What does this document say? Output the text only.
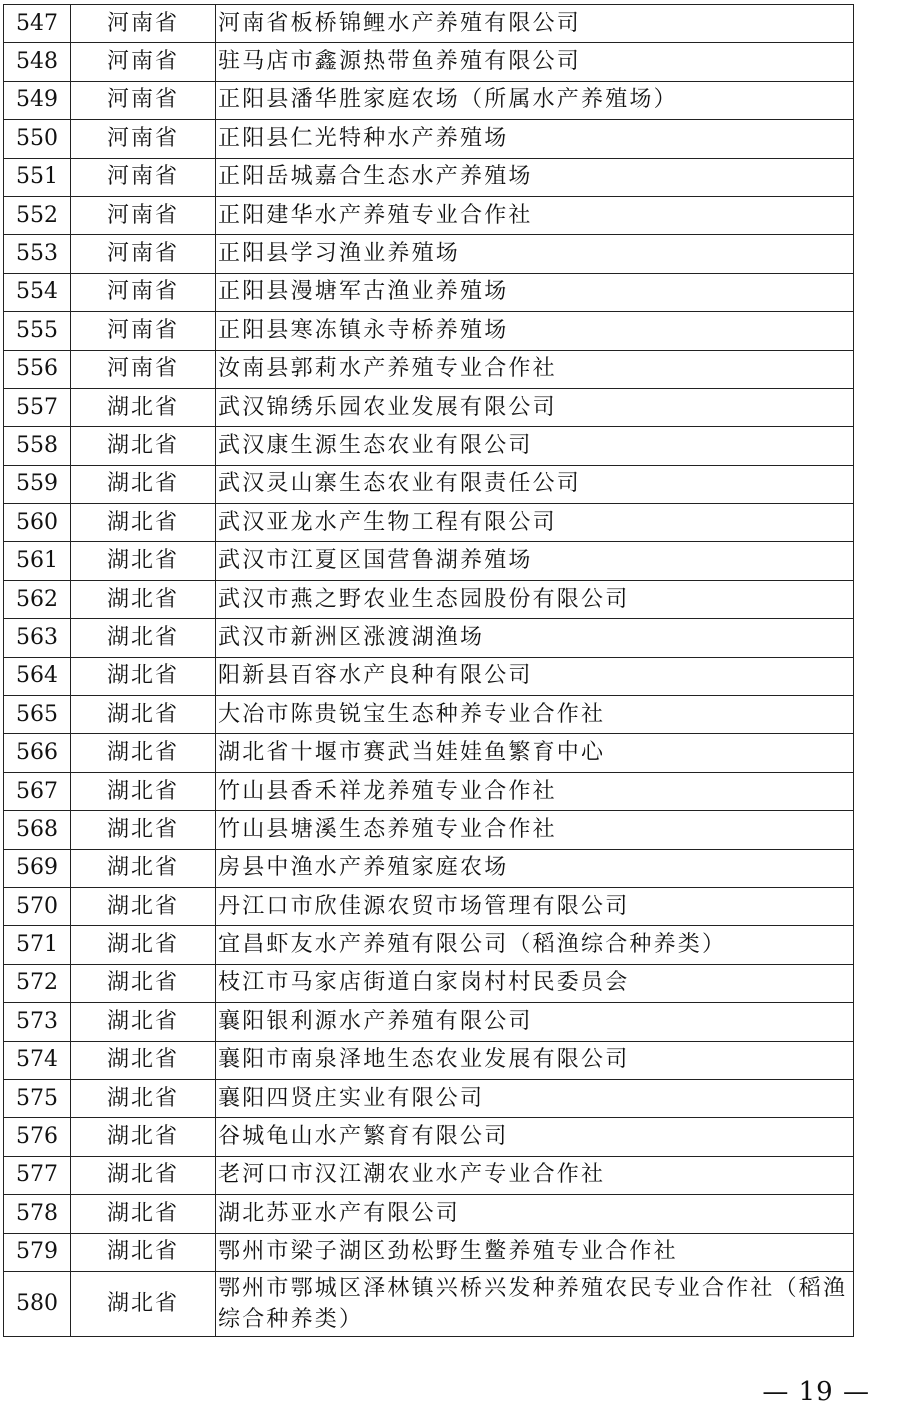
547	河南省	河南省板桥锦鲤水产养殖有限公司
548	河南省	驻马店市鑫源热带鱼养殖有限公司
549	河南省	正阳县潘华胜家庭农场（所属水产养殖场）
550	河南省	正阳县仁光特种水产养殖场
551	河南省	正阳岳城嘉合生态水产养殖场
552	河南省	正阳建华水产养殖专业合作社
553	河南省	正阳县学习渔业养殖场
554	河南省	正阳县漫塘军古渔业养殖场
555	河南省	正阳县寒冻镇永寺桥养殖场
556	河南省	汝南县郭莉水产养殖专业合作社
557	湖北省	武汉锦绣乐园农业发展有限公司
558	湖北省	武汉康生源生态农业有限公司
559	湖北省	武汉灵山寨生态农业有限责任公司
560	湖北省	武汉亚龙水产生物工程有限公司
561	湖北省	武汉市江夏区国营鲁湖养殖场
562	湖北省	武汉市燕之野农业生态园股份有限公司
563	湖北省	武汉市新洲区涨渡湖渔场
564	湖北省	阳新县百容水产良种有限公司
565	湖北省	大冶市陈贵锐宝生态种养专业合作社
566	湖北省	湖北省十堰市赛武当娃娃鱼繁育中心
567	湖北省	竹山县香禾祥龙养殖专业合作社
568	湖北省	竹山县塘溪生态养殖专业合作社
569	湖北省	房县中渔水产养殖家庭农场
570	湖北省	丹江口市欣佳源农贸市场管理有限公司
571	湖北省	宜昌虾友水产养殖有限公司（稻渔综合种养类）
572	湖北省	枝江市马家店街道白家岗村村民委员会
573	湖北省	襄阳银利源水产养殖有限公司
574	湖北省	襄阳市南泉泽地生态农业发展有限公司
575	湖北省	襄阳四贤庄实业有限公司
576	湖北省	谷城龟山水产繁育有限公司
577	湖北省	老河口市汉江潮农业水产专业合作社
578	湖北省	湖北苏亚水产有限公司
579	湖北省	鄂州市梁子湖区劲松野生鳖养殖专业合作社
580	湖北省	鄂州市鄂城区泽林镇兴桥兴发种养殖农民专业合作社（稻渔综合种养类）
— 19 —
